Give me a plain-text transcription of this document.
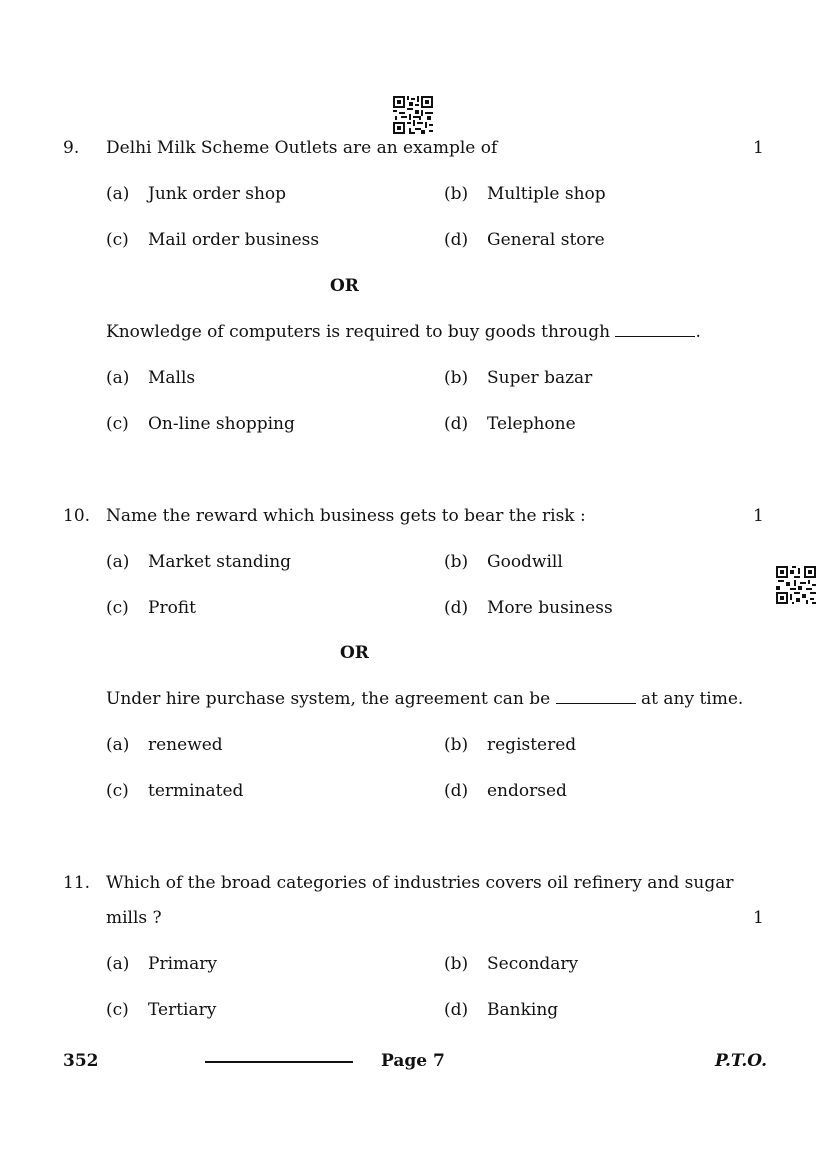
9. Delhi Milk Scheme Outlets are an example of	1
(a) Junk order shop	(b) Multiple shop
(c) Mail order business	(d) General store
OR
Knowledge of computers is required to buy goods through	.
(a) Malls	(b) Super bazar
(c) On-line shopping	(d) Telephone
10. Name the reward which business gets to bear the risk :	1
(a) Market standing	(b) Goodwill
(c) Profit	(d) More business
OR
Under hire purchase system, the agreement can be	at any time.
(a) renewed	(b) registered
(c) terminated	(d) endorsed
11. Which of the broad categories of industries covers oil refinery and sugar
mills ?	1
(a) Primary	(b) Secondary
(c) Tertiary	(d) Banking
352	Page 7	P.T.O.
